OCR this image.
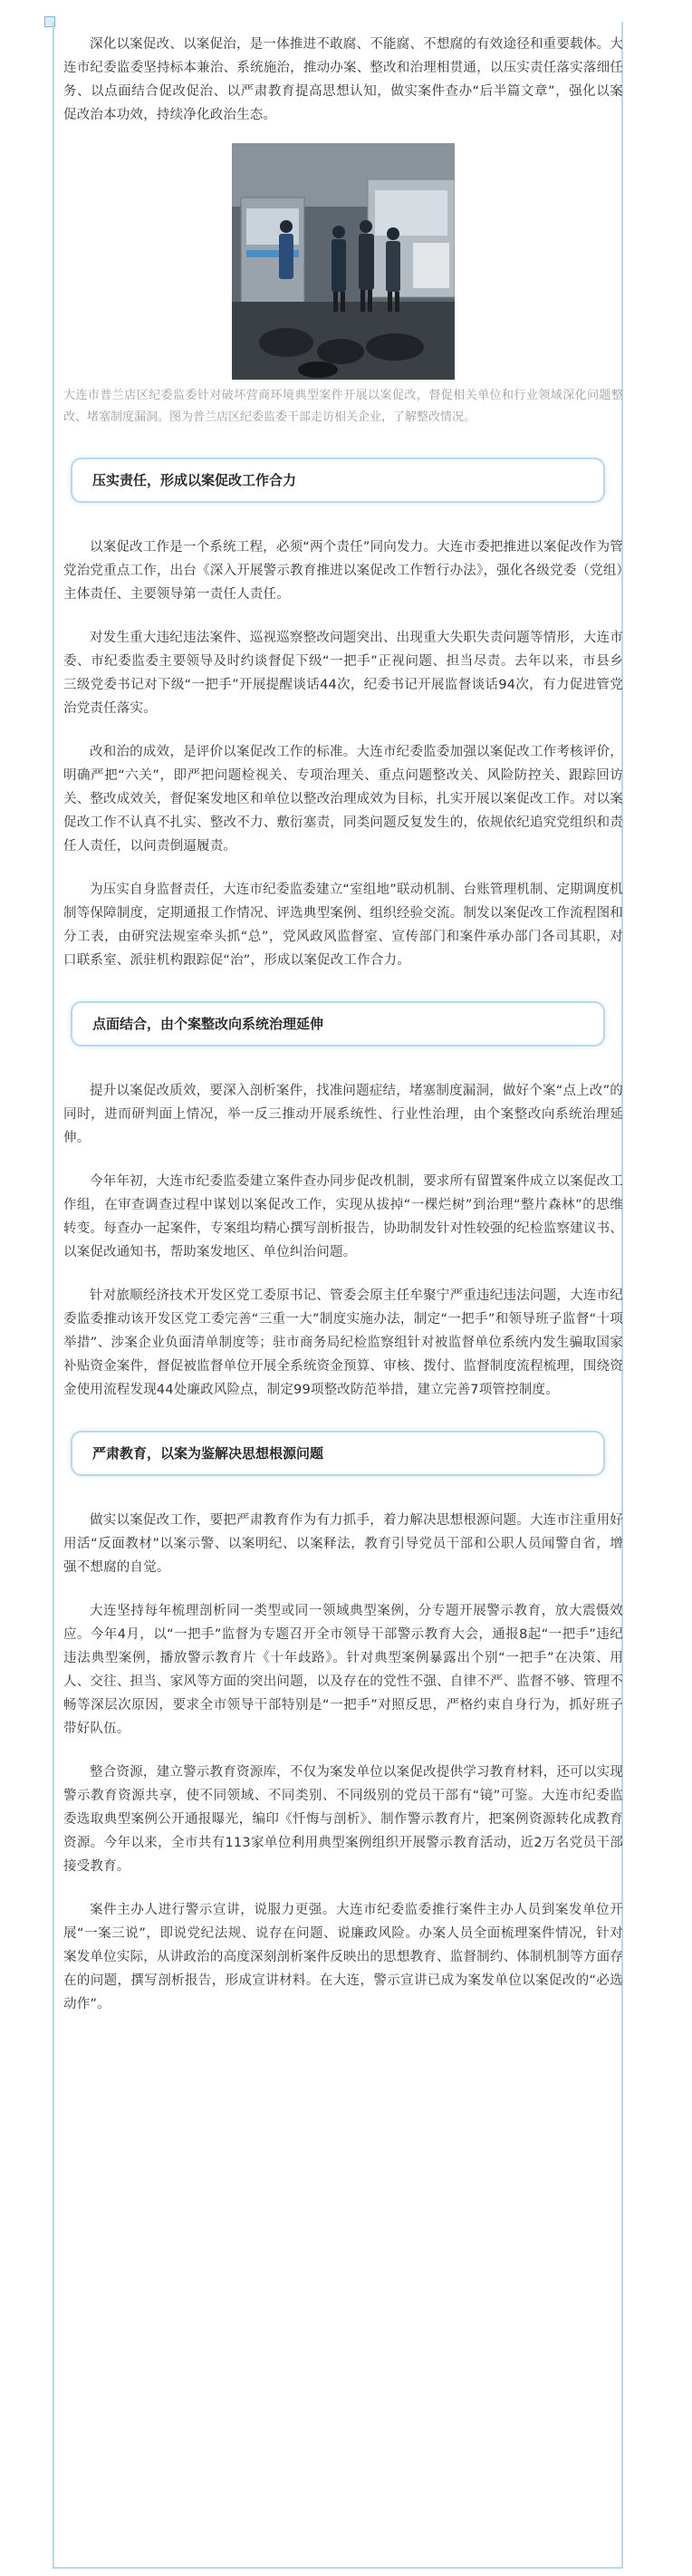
深化以案促改、以案促治，是一体推进不敢腐、不能腐、不想腐的有效途径和重要载体。大连市纪委监委坚持标本兼治、系统施治，推动办案、整改和治理相贯通，以压实责任落实落细任务、以点面结合促改促治、以严肃教育提高思想认知，做实案件查办“后半篇文章”，强化以案促改治本功效，持续净化政治生态。

大连市普兰店区纪委监委针对破坏营商环境典型案件开展以案促改，督促相关单位和行业领域深化问题整改、堵塞制度漏洞。图为普兰店区纪委监委干部走访相关企业，了解整改情况。

压实责任，形成以案促改工作合力

以案促改工作是一个系统工程，必须“两个责任”同向发力。大连市委把推进以案促改作为管党治党重点工作，出台《深入开展警示教育推进以案促改工作暂行办法》，强化各级党委（党组）主体责任、主要领导第一责任人责任。

对发生重大违纪违法案件、巡视巡察整改问题突出、出现重大失职失责问题等情形，大连市委、市纪委监委主要领导及时约谈督促下级“一把手”正视问题、担当尽责。去年以来，市县乡三级党委书记对下级“一把手”开展提醒谈话44次，纪委书记开展监督谈话94次，有力促进管党治党责任落实。

改和治的成效，是评价以案促改工作的标准。大连市纪委监委加强以案促改工作考核评价，明确严把“六关”，即严把问题检视关、专项治理关、重点问题整改关、风险防控关、跟踪回访关、整改成效关，督促案发地区和单位以整改治理成效为目标，扎实开展以案促改工作。对以案促改工作不认真不扎实、整改不力、敷衍塞责，同类问题反复发生的，依规依纪追究党组织和责任人责任，以问责倒逼履责。

为压实自身监督责任，大连市纪委监委建立“室组地”联动机制、台账管理机制、定期调度机制等保障制度，定期通报工作情况、评选典型案例、组织经验交流。制发以案促改工作流程图和分工表，由研究法规室牵头抓“总”，党风政风监督室、宣传部门和案件承办部门各司其职，对口联系室、派驻机构跟踪促“治”，形成以案促改工作合力。

点面结合，由个案整改向系统治理延伸

提升以案促改质效，要深入剖析案件，找准问题症结，堵塞制度漏洞，做好个案“点上改”的同时，进而研判面上情况，举一反三推动开展系统性、行业性治理，由个案整改向系统治理延伸。

今年年初，大连市纪委监委建立案件查办同步促改机制，要求所有留置案件成立以案促改工作组，在审查调查过程中谋划以案促改工作，实现从拔掉“一棵烂树”到治理“整片森林”的思维转变。每查办一起案件，专案组均精心撰写剖析报告，协助制发针对性较强的纪检监察建议书、以案促改通知书，帮助案发地区、单位纠治问题。

针对旅顺经济技术开发区党工委原书记、管委会原主任牟聚宁严重违纪违法问题，大连市纪委监委推动该开发区党工委完善“三重一大”制度实施办法，制定“一把手”和领导班子监督“十项举措”、涉案企业负面清单制度等；驻市商务局纪检监察组针对被监督单位系统内发生骗取国家补贴资金案件，督促被监督单位开展全系统资金预算、审核、拨付、监督制度流程梳理，围绕资金使用流程发现44处廉政风险点，制定99项整改防范举措，建立完善7项管控制度。

严肃教育，以案为鉴解决思想根源问题

做实以案促改工作，要把严肃教育作为有力抓手，着力解决思想根源问题。大连市注重用好用活“反面教材”以案示警、以案明纪、以案释法，教育引导党员干部和公职人员闻警自省，增强不想腐的自觉。

大连坚持每年梳理剖析同一类型或同一领域典型案例，分专题开展警示教育，放大震慑效应。今年4月，以“一把手”监督为专题召开全市领导干部警示教育大会，通报8起“一把手”违纪违法典型案例，播放警示教育片《十年歧路》。针对典型案例暴露出个别“一把手”在决策、用人、交往、担当、家风等方面的突出问题，以及存在的党性不强、自律不严、监督不够、管理不畅等深层次原因，要求全市领导干部特别是“一把手”对照反思，严格约束自身行为，抓好班子带好队伍。

整合资源，建立警示教育资源库，不仅为案发单位以案促改提供学习教育材料，还可以实现警示教育资源共享，使不同领域、不同类别、不同级别的党员干部有“镜”可鉴。大连市纪委监委选取典型案例公开通报曝光，编印《忏悔与剖析》、制作警示教育片，把案例资源转化成教育资源。今年以来，全市共有113家单位利用典型案例组织开展警示教育活动，近2万名党员干部接受教育。

案件主办人进行警示宣讲，说服力更强。大连市纪委监委推行案件主办人员到案发单位开展“一案三说”，即说党纪法规、说存在问题、说廉政风险。办案人员全面梳理案件情况，针对案发单位实际，从讲政治的高度深刻剖析案件反映出的思想教育、监督制约、体制机制等方面存在的问题，撰写剖析报告，形成宣讲材料。在大连，警示宣讲已成为案发单位以案促改的“必选动作”。
